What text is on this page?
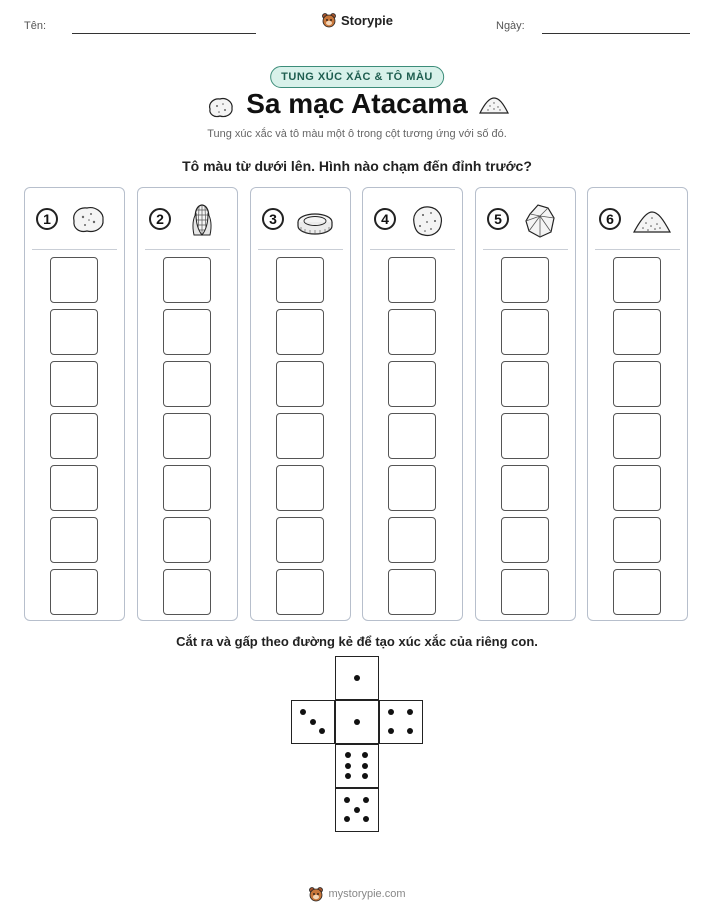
Tên:	Ngày:
Storypie
TUNG XÚC XẮC & TÔ MÀU
Sa mạc Atacama
Tung xúc xắc và tô màu một ô trong cột tương ứng với số đó.
Tô màu từ dưới lên. Hình nào chạm đến đỉnh trước?
1	2	3	4	5	6
Cắt ra và gấp theo đường kẻ để tạo xúc xắc của riêng con.
mystorypie.com
